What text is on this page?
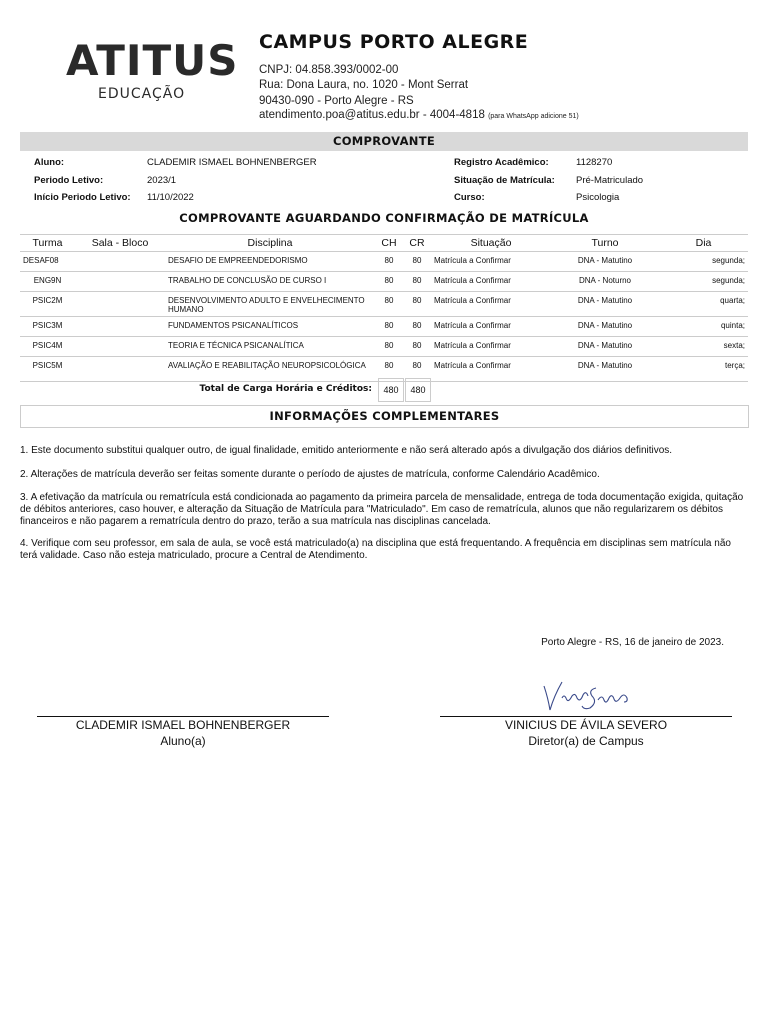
ATITUS
EDUCAÇÃO
CAMPUS PORTO ALEGRE
CNPJ: 04.858.393/0002-00
Rua: Dona Laura, no. 1020 - Mont Serrat
90430-090 - Porto Alegre - RS
atendimento.poa@atitus.edu.br - 4004-4818 (para WhatsApp adicione 51)
COMPROVANTE
Aluno:	CLADEMIR ISMAEL BOHNENBERGER
Periodo Letivo:	2023/1
Início Periodo Letivo: 11/10/2022
Registro Acadêmico:	1128270
Situação de Matrícula: Pré-Matriculado
Curso:	Psicologia
COMPROVANTE AGUARDANDO CONFIRMAÇÃO DE MATRÍCULA
Turma	Sala - Bloco	Disciplina	CH	CR	Situação	Turno	Dia
DESAF08		DESAFIO DE EMPREENDEDORISMO	80	80	Matrícula a Confirmar	DNA - Matutino	segunda;
ENG9N		TRABALHO DE CONCLUSÃO DE CURSO I	80	80	Matrícula a Confirmar	DNA - Noturno	segunda;
PSIC2M		DESENVOLVIMENTO ADULTO E ENVELHECIMENTO HUMANO	80	80	Matrícula a Confirmar	DNA - Matutino	quarta;
PSIC3M		FUNDAMENTOS PSICANALÍTICOS	80	80	Matrícula a Confirmar	DNA - Matutino	quinta;
PSIC4M		TEORIA E TÉCNICA PSICANALÍTICA	80	80	Matrícula a Confirmar	DNA - Matutino	sexta;
PSIC5M		AVALIAÇÃO E REABILITAÇÃO NEUROPSICOLÓGICA	80	80	Matrícula a Confirmar	DNA - Matutino	terça;
Total de Carga Horária e Créditos:	480	480
INFORMAÇÕES COMPLEMENTARES
1. Este documento substitui qualquer outro, de igual finalidade, emitido anteriormente e não será alterado após a divulgação dos diários definitivos.
2. Alterações de matrícula deverão ser feitas somente durante o período de ajustes de matrícula, conforme Calendário Acadêmico.
3. A efetivação da matrícula ou rematrícula está condicionada ao pagamento da primeira parcela de mensalidade, entrega de toda documentação exigida, quitação de débitos anteriores, caso houver, e alteração da Situação de Matrícula para "Matriculado". Em caso de rematrícula, alunos que não regularizarem os débitos financeiros e não pagarem a rematrícula dentro do prazo, terão a sua matrícula nas disciplinas cancelada.
4. Verifique com seu professor, em sala de aula, se você está matriculado(a) na disciplina que está frequentando. A frequência em disciplinas sem matrícula não terá validade. Caso não esteja matriculado, procure a Central de Atendimento.
Porto Alegre - RS, 16 de janeiro de 2023.
CLADEMIR ISMAEL BOHNENBERGER
Aluno(a)
VINICIUS DE ÁVILA SEVERO
Diretor(a) de Campus
